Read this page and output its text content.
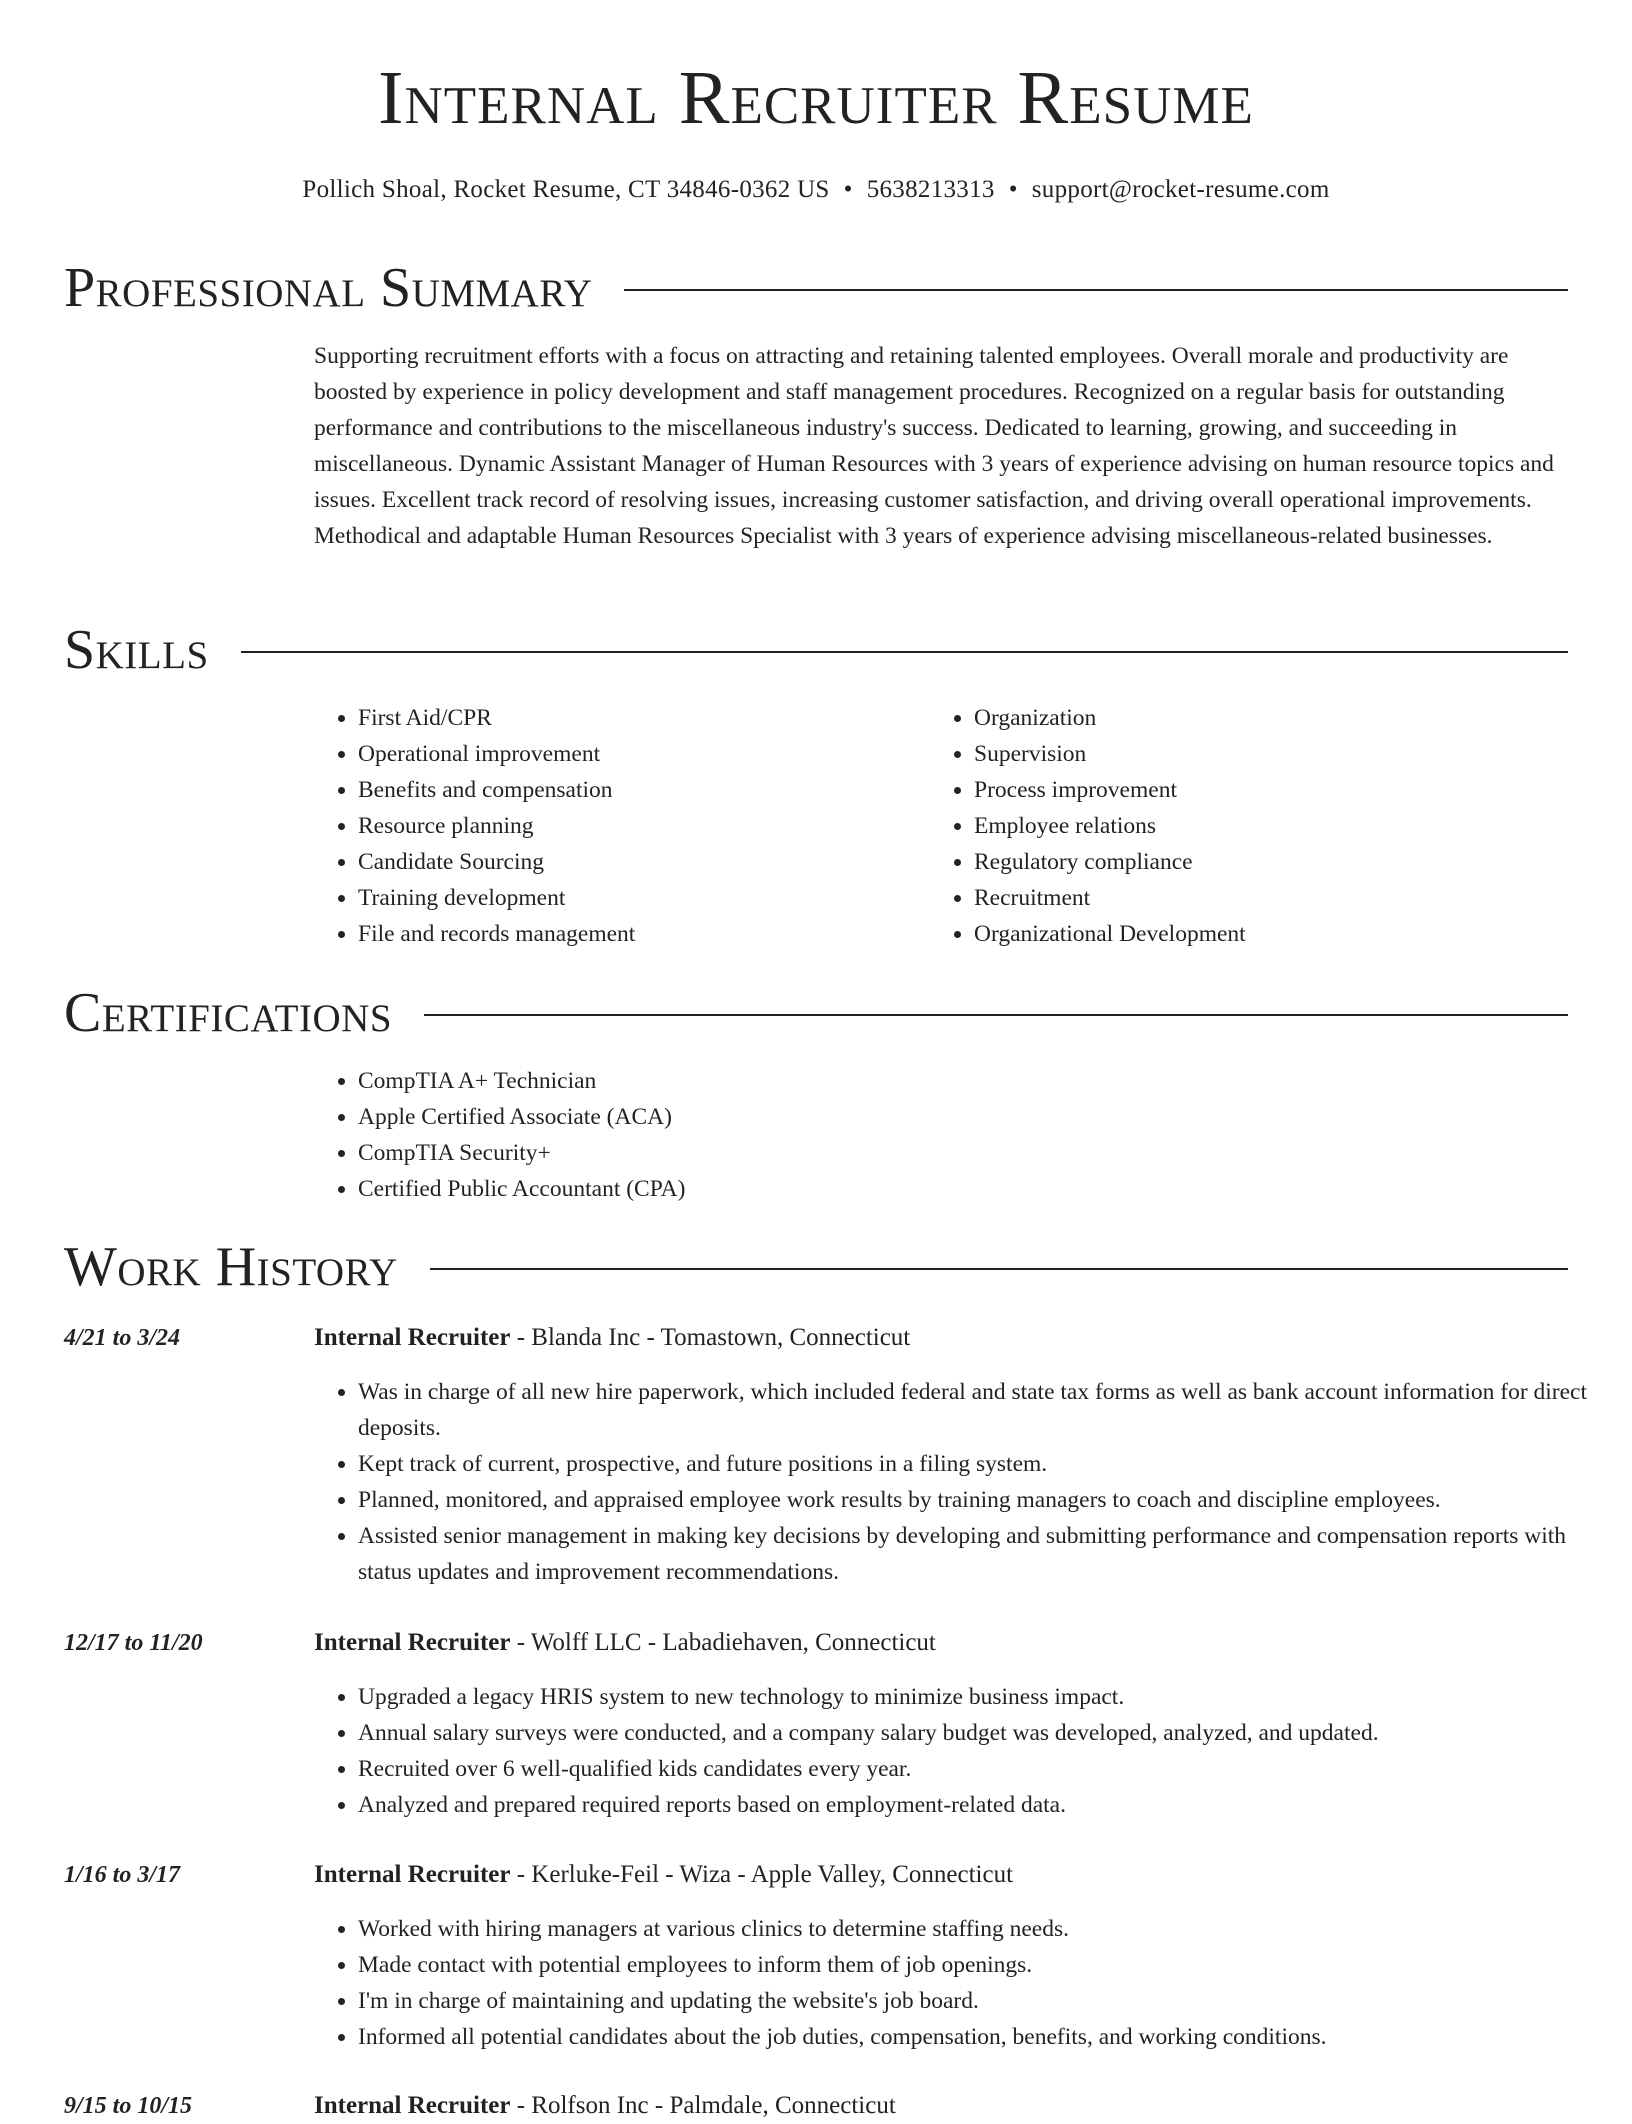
Internal Recruiter Resume
Pollich Shoal, Rocket Resume, CT 34846-0362 US • 5638213313 • support@rocket-resume.com
Professional Summary

Supporting recruitment efforts with a focus on attracting and retaining talented employees. Overall morale and productivity are boosted by experience in policy development and staff management procedures. Recognized on a regular basis for outstanding performance and contributions to the miscellaneous industry's success. Dedicated to learning, growing, and succeeding in miscellaneous. Dynamic Assistant Manager of Human Resources with 3 years of experience advising on human resource topics and issues. Excellent track record of resolving issues, increasing customer satisfaction, and driving overall operational improvements. Methodical and adaptable Human Resources Specialist with 3 years of experience advising miscellaneous-related businesses.

Skills
• First Aid/CPR
• Operational improvement
• Benefits and compensation
• Resource planning
• Candidate Sourcing
• Training development
• File and records management
• Organization
• Supervision
• Process improvement
• Employee relations
• Regulatory compliance
• Recruitment
• Organizational Development
Certifications
• CompTIA A+ Technician
• Apple Certified Associate (ACA)
• CompTIA Security+
• Certified Public Accountant (CPA)
Work History
4/21 to 3/24	Internal Recruiter - Blanda Inc - Tomastown, Connecticut
• Was in charge of all new hire paperwork, which included federal and state tax forms as well as bank account information for direct deposits.
• Kept track of current, prospective, and future positions in a filing system.
• Planned, monitored, and appraised employee work results by training managers to coach and discipline employees.
• Assisted senior management in making key decisions by developing and submitting performance and compensation reports with status updates and improvement recommendations.
12/17 to 11/20	Internal Recruiter - Wolff LLC - Labadiehaven, Connecticut
• Upgraded a legacy HRIS system to new technology to minimize business impact.
• Annual salary surveys were conducted, and a company salary budget was developed, analyzed, and updated.
• Recruited over 6 well-qualified kids candidates every year.
• Analyzed and prepared required reports based on employment-related data.
1/16 to 3/17	Internal Recruiter - Kerluke-Feil - Wiza - Apple Valley, Connecticut
• Worked with hiring managers at various clinics to determine staffing needs.
• Made contact with potential employees to inform them of job openings.
• I'm in charge of maintaining and updating the website's job board.
• Informed all potential candidates about the job duties, compensation, benefits, and working conditions.
9/15 to 10/15	Internal Recruiter - Rolfson Inc - Palmdale, Connecticut
